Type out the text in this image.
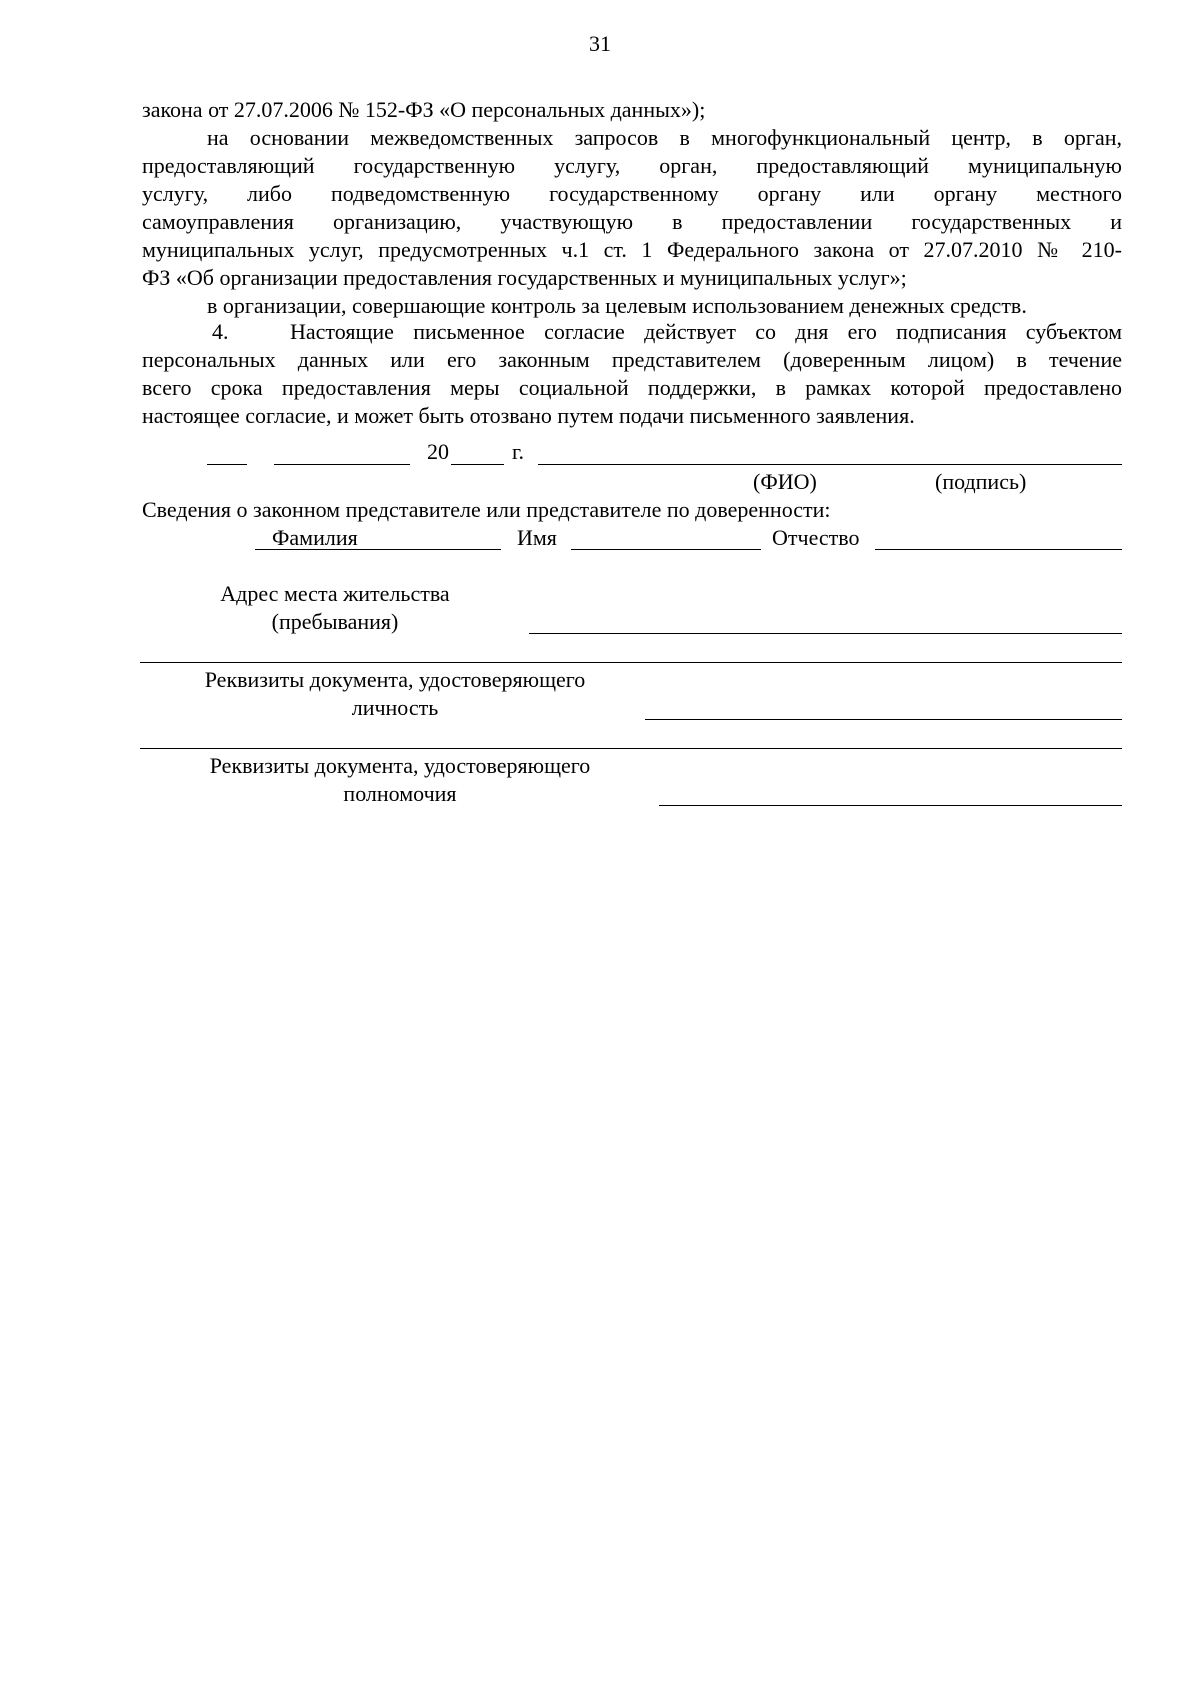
31
закона от 27.07.2006 № 152-ФЗ «О персональных данных»);
на основании межведомственных запросов в многофункциональный центр, в орган,
предоставляющий государственную услугу, орган, предоставляющий муниципальную
услугу, либо подведомственную государственному органу или органу местного
самоуправления организацию, участвующую в предоставлении государственных и
муниципальных услуг, предусмотренных ч.1 ст. 1 Федерального закона от 27.07.2010 № 210-
ФЗ «Об организации предоставления государственных и муниципальных услуг»;
в организации, совершающие контроль за целевым использованием денежных средств.
4.	Настоящие письменное согласие действует со дня его подписания субъектом
персональных данных или его законным представителем (доверенным лицом) в течение
всего срока предоставления меры социальной поддержки, в рамках которой предоставлено
настоящее согласие, и может быть отозвано путем подачи письменного заявления.
20	г.
(ФИО)	(подпись)
Сведения о законном представителе или представителе по доверенности:
Фамилия	Имя	Отчество
Адрес места жительства
(пребывания)
Реквизиты документа, удостоверяющего
личность
Реквизиты документа, удостоверяющего
полномочия
